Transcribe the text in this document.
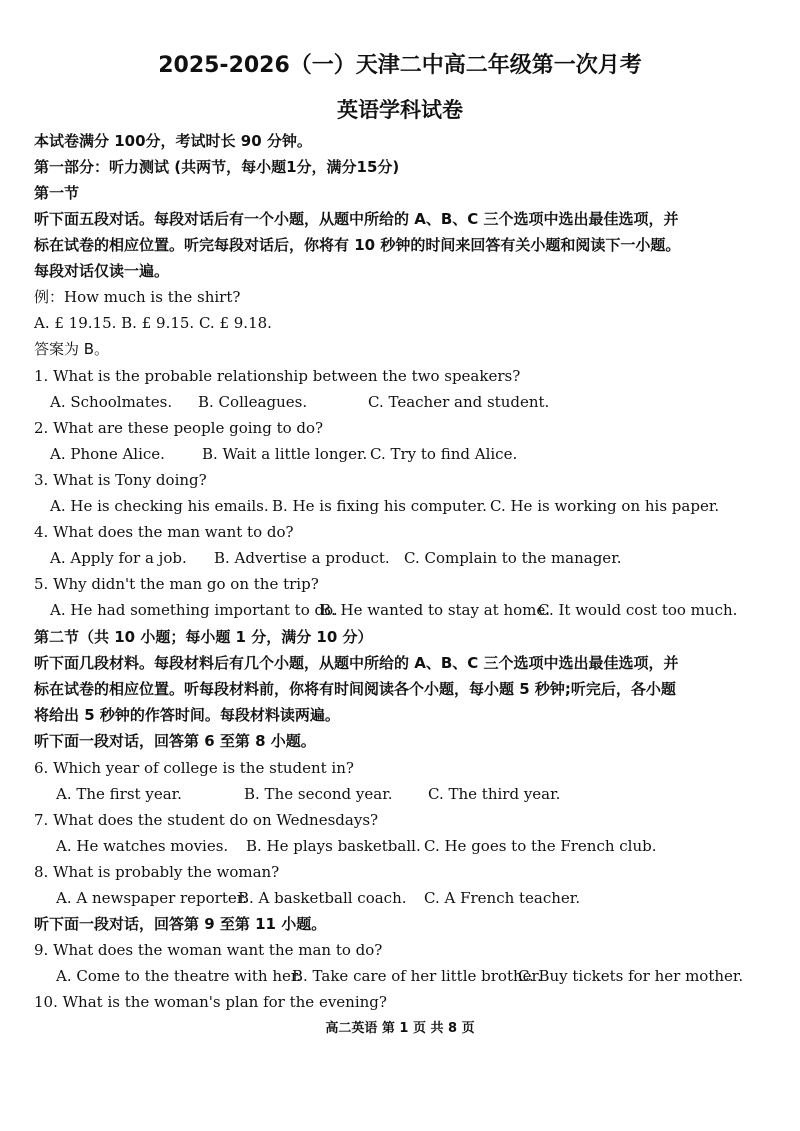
2025-2026（一）天津二中高二年级第一次月考
英语学科试卷
本试卷满分 100分，考试时长 90 分钟。
第一部分：听力测试 (共两节，每小题1分，满分15分)
第一节
听下面五段对话。每段对话后有一个小题，从题中所给的 A、B、C 三个选项中选出最佳选项，并
标在试卷的相应位置。听完每段对话后，你将有 10 秒钟的时间来回答有关小题和阅读下一小题。
每段对话仅读一遍。
例：How much is the shirt?
A. £ 19.15. B. £ 9.15. C. £ 9.18.
答案为 B。
1. What is the probable relationship between the two speakers?
A. Schoolmates. B. Colleagues.	C. Teacher and student.
2. What are these people going to do?
A. Phone Alice. B. Wait a little longer. C. Try to find Alice.
3. What is Tony doing?
A. He is checking his emails. B. He is fixing his computer. C. He is working on his paper.
4. What does the man want to do?
A. Apply for a job. B. Advertise a product. C. Complain to the manager.
5. Why didn't the man go on the trip?
A. He had something important to do.
B. He wanted to stay at home.
C. It would cost too much.
第二节（共 10 小题；每小题 1 分，满分 10 分）
听下面几段材料。每段材料后有几个小题，从题中所给的 A、B、C 三个选项中选出最佳选项，并
标在试卷的相应位置。听每段材料前，你将有时间阅读各个小题，每小题 5 秒钟;听完后，各小题
将给出 5 秒钟的作答时间。每段材料读两遍。
听下面一段对话，回答第 6 至第 8 小题。
6. Which year of college is the student in?
A. The first year.	B. The second year. C. The third year.
7. What does the student do on Wednesdays?
A. He watches movies. B. He plays basketball. C. He goes to the French club.
8. What is probably the woman?
A. A newspaper reporter.
B. A basketball coach. C. A French teacher.
听下面一段对话，回答第 9 至第 11 小题。
9. What does the woman want the man to do?
A. Come to the theatre with her.
B. Take care of her little brother.
C. Buy tickets for her mother.
10. What is the woman's plan for the evening?
高二英语 第 1 页 共 8 页
